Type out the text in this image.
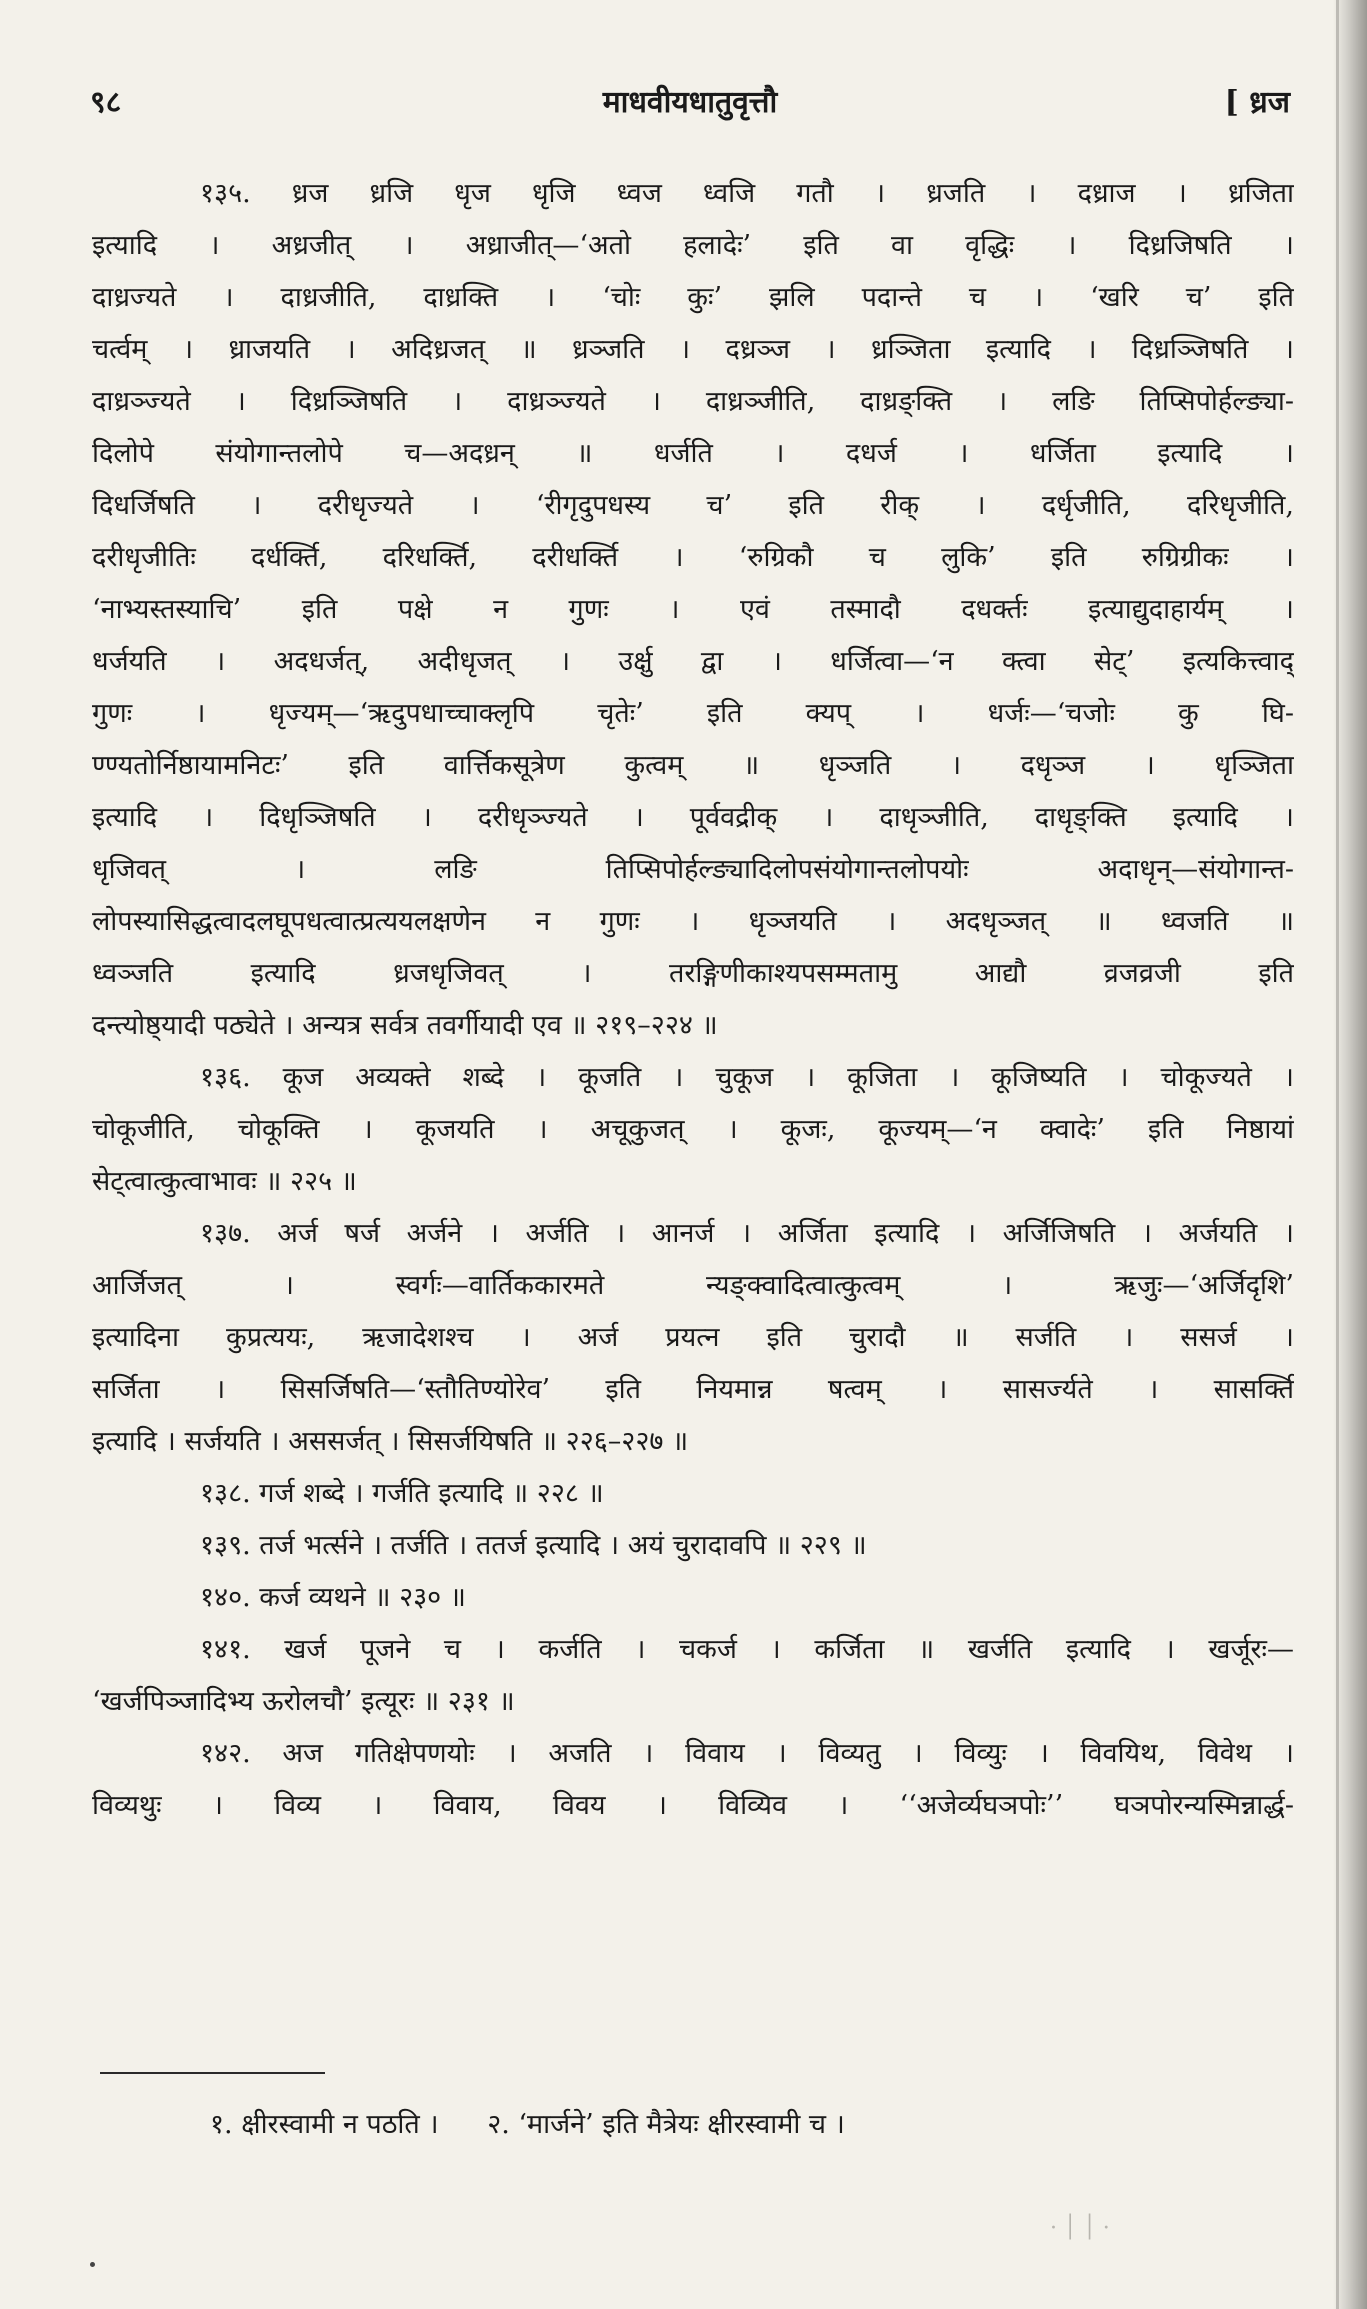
९८	माधवीयधातुवृत्तौ	[ ध्रज
१३५. ध्रज ध्रजि धृज धृजि ध्वज ध्वजि गतौ । ध्रजति । दध्राज । ध्रजिता
इत्यादि । अध्रजीत् । अध्राजीत्—‘अतो हलादेः’ इति वा वृद्धिः । दिध्रजिषति ।
दाध्रज्यते । दाध्रजीति, दाध्रक्ति । ‘चोः कुः’ झलि पदान्ते च । ‘खरि च’ इति
चर्त्वम् । ध्राजयति । अदिध्रजत् ॥ ध्रञ्जति । दध्रञ्ज । ध्रञ्जिता इत्यादि । दिध्रञ्जिषति ।
दाध्रञ्ज्यते । दिध्रञ्जिषति । दाध्रञ्ज्यते । दाध्रञ्जीति, दाध्रङ्क्ति । लङि तिप्सिपोर्हल्ङ्या-
दिलोपे संयोगान्तलोपे च—अदध्रन् ॥ धर्जति । दधर्ज । धर्जिता इत्यादि ।
दिधर्जिषति । दरीधृज्यते । ‘रीगृदुपधस्य च’ इति रीक् । दर्धृजीति, दरिधृजीति,
दरीधृजीतिः दर्धर्क्ति, दरिधर्क्ति, दरीधर्क्ति । ‘रुग्रिकौ च लुकि’ इति रुग्रिग्रीकः ।
‘नाभ्यस्तस्याचि’ इति पक्षे न गुणः । एवं तस्मादौ दधर्क्तः इत्याद्युदाहार्यम् ।
धर्जयति । अदधर्जत्, अदीधृजत् । उर्क्षु द्वा । धर्जित्वा—‘न क्त्वा सेट्’ इत्यकित्त्वाद्
गुणः । धृज्यम्—‘ऋदुपधाच्चाक्लृपि चृतेः’ इति क्यप् । धर्जः—‘चजोः कु घि-
ण्ण्यतोर्निष्ठायामनिटः’ इति वार्त्तिकसूत्रेण कुत्वम् ॥ धृञ्जति । दधृञ्ज । धृञ्जिता
इत्यादि । दिधृञ्जिषति । दरीधृञ्ज्यते । पूर्ववद्रीक् । दाधृञ्जीति, दाधृङ्क्ति इत्यादि ।
धृजिवत् । लङि तिप्सिपोर्हल्ङ्यादिलोपसंयोगान्तलोपयोः अदाधृन्—संयोगान्त-
लोपस्यासिद्धत्वादलघूपधत्वात्प्रत्ययलक्षणेन न गुणः । धृञ्जयति । अदधृञ्जत् ॥ ध्वजति ॥
ध्वञ्जति इत्यादि ध्रजधृजिवत् । तरङ्गिणीकाश्यपसम्मतामु आद्यौ व्रजव्रजी इति
दन्त्योष्ठ्यादी पठ्येते । अन्यत्र सर्वत्र तवर्गीयादी एव ॥ २१९–२२४ ॥
१३६. कूज अव्यक्ते शब्दे । कूजति । चुकूज । कूजिता । कूजिष्यति । चोकूज्यते ।
चोकूजीति, चोकूक्ति । कूजयति । अचूकुजत् । कूजः, कूज्यम्—‘न क्वादेः’ इति निष्ठायां
सेट्त्वात्कुत्वाभावः ॥ २२५ ॥
१३७. अर्ज षर्ज अर्जने । अर्जति । आनर्ज । अर्जिता इत्यादि । अर्जिजिषति । अर्जयति ।
आर्जिजत् । स्वर्गः—वार्तिककारमते न्यङ्क्वादित्वात्कुत्वम् । ऋजुः—‘अर्जिदृशि’
इत्यादिना कुप्रत्ययः, ऋजादेशश्च । अर्ज प्रयत्न इति चुरादौ ॥ सर्जति । ससर्ज ।
सर्जिता । सिसर्जिषति—‘स्तौतिण्योरेव’ इति नियमान्न षत्वम् । सासर्ज्यते । सासर्क्ति
इत्यादि । सर्जयति । अससर्जत् । सिसर्जयिषति ॥ २२६–२२७ ॥
१३८. गर्ज शब्दे । गर्जति इत्यादि ॥ २२८ ॥
१३९. तर्ज भर्त्सने । तर्जति । ततर्ज इत्यादि । अयं चुरादावपि ॥ २२९ ॥
१४०. कर्ज व्यथने ॥ २३० ॥
१४१. खर्ज पूजने च । कर्जति । चकर्ज । कर्जिता ॥ खर्जति इत्यादि । खर्जूरः—
‘खर्जपिञ्जादिभ्य ऊरोलचौ’ इत्यूरः ॥ २३१ ॥
१४२. अज गतिक्षेपणयोः । अजति । विवाय । विव्यतु । विव्युः । विवयिथ, विवेथ ।
विव्यथुः । विव्य । विवाय, विवय । विव्यिव । ‘‘अजेर्व्यघञपोः’’ घञपोरन्यस्मिन्नार्द्ध-
१. क्षीरस्वामी न पठति । २. ‘मार्जने’ इति मैत्रेयः क्षीरस्वामी च ।
· ׀ ׀ ·
